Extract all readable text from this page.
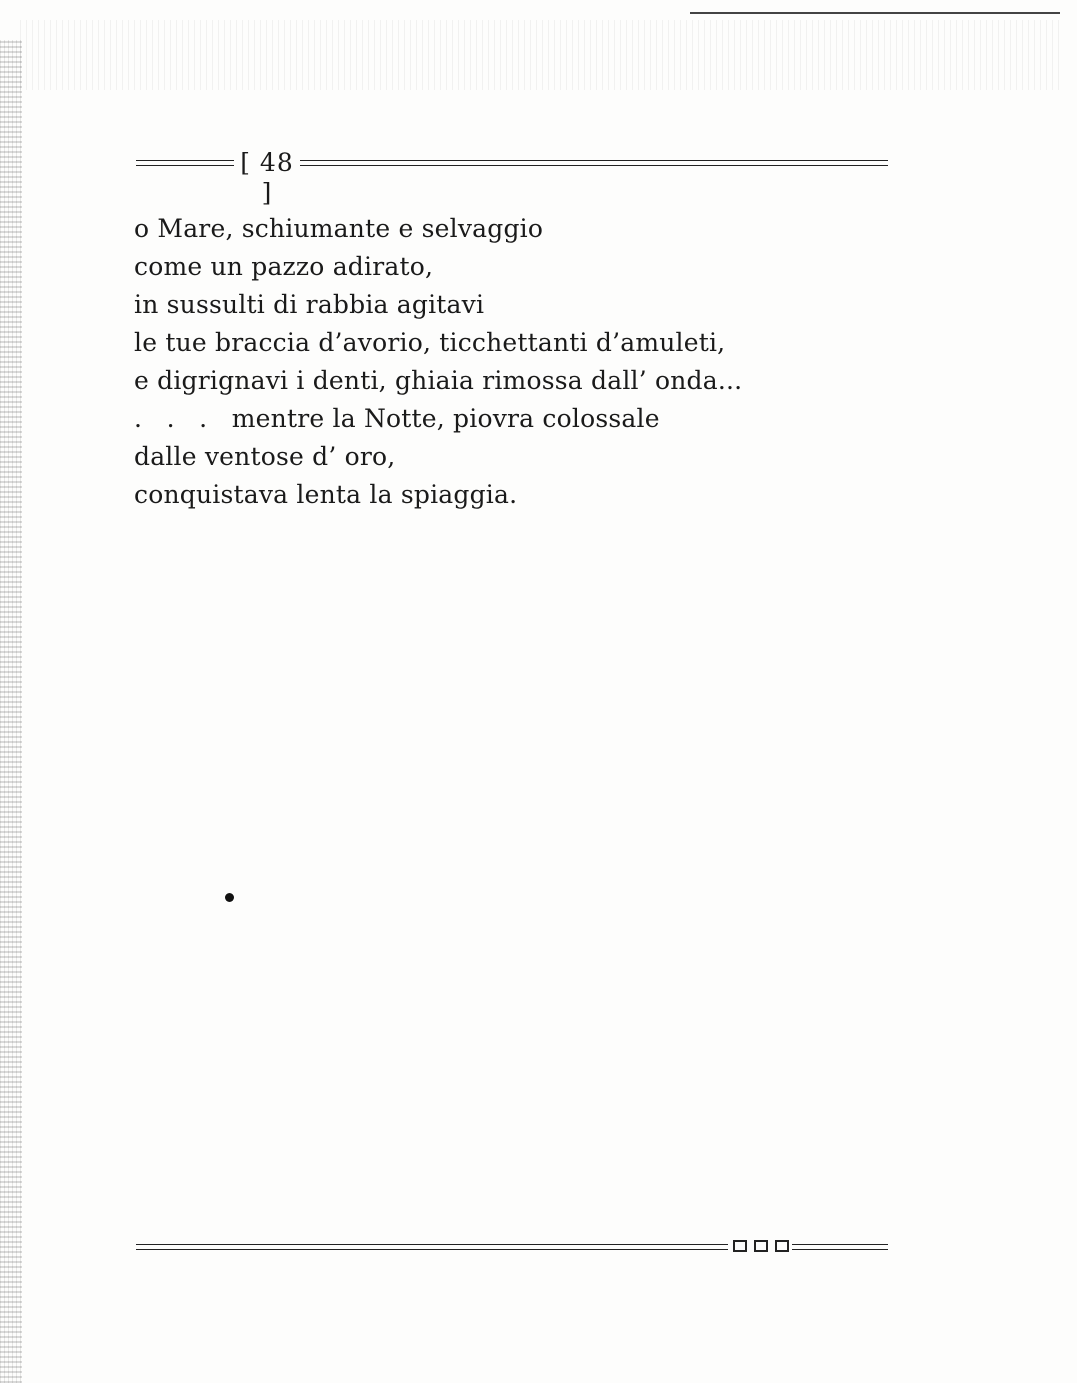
[ 48 ]
o Mare, schiumante e selvaggio
come un pazzo adirato,
in sussulti di rabbia agitavi
le tue braccia d’avorio, ticchettanti d’amuleti,
e digrignavi i denti, ghiaia rimossa dall’ onda...
.   .   .   mentre la Notte, piovra colossale
dalle ventose d’ oro,
conquistava lenta la spiaggia.
